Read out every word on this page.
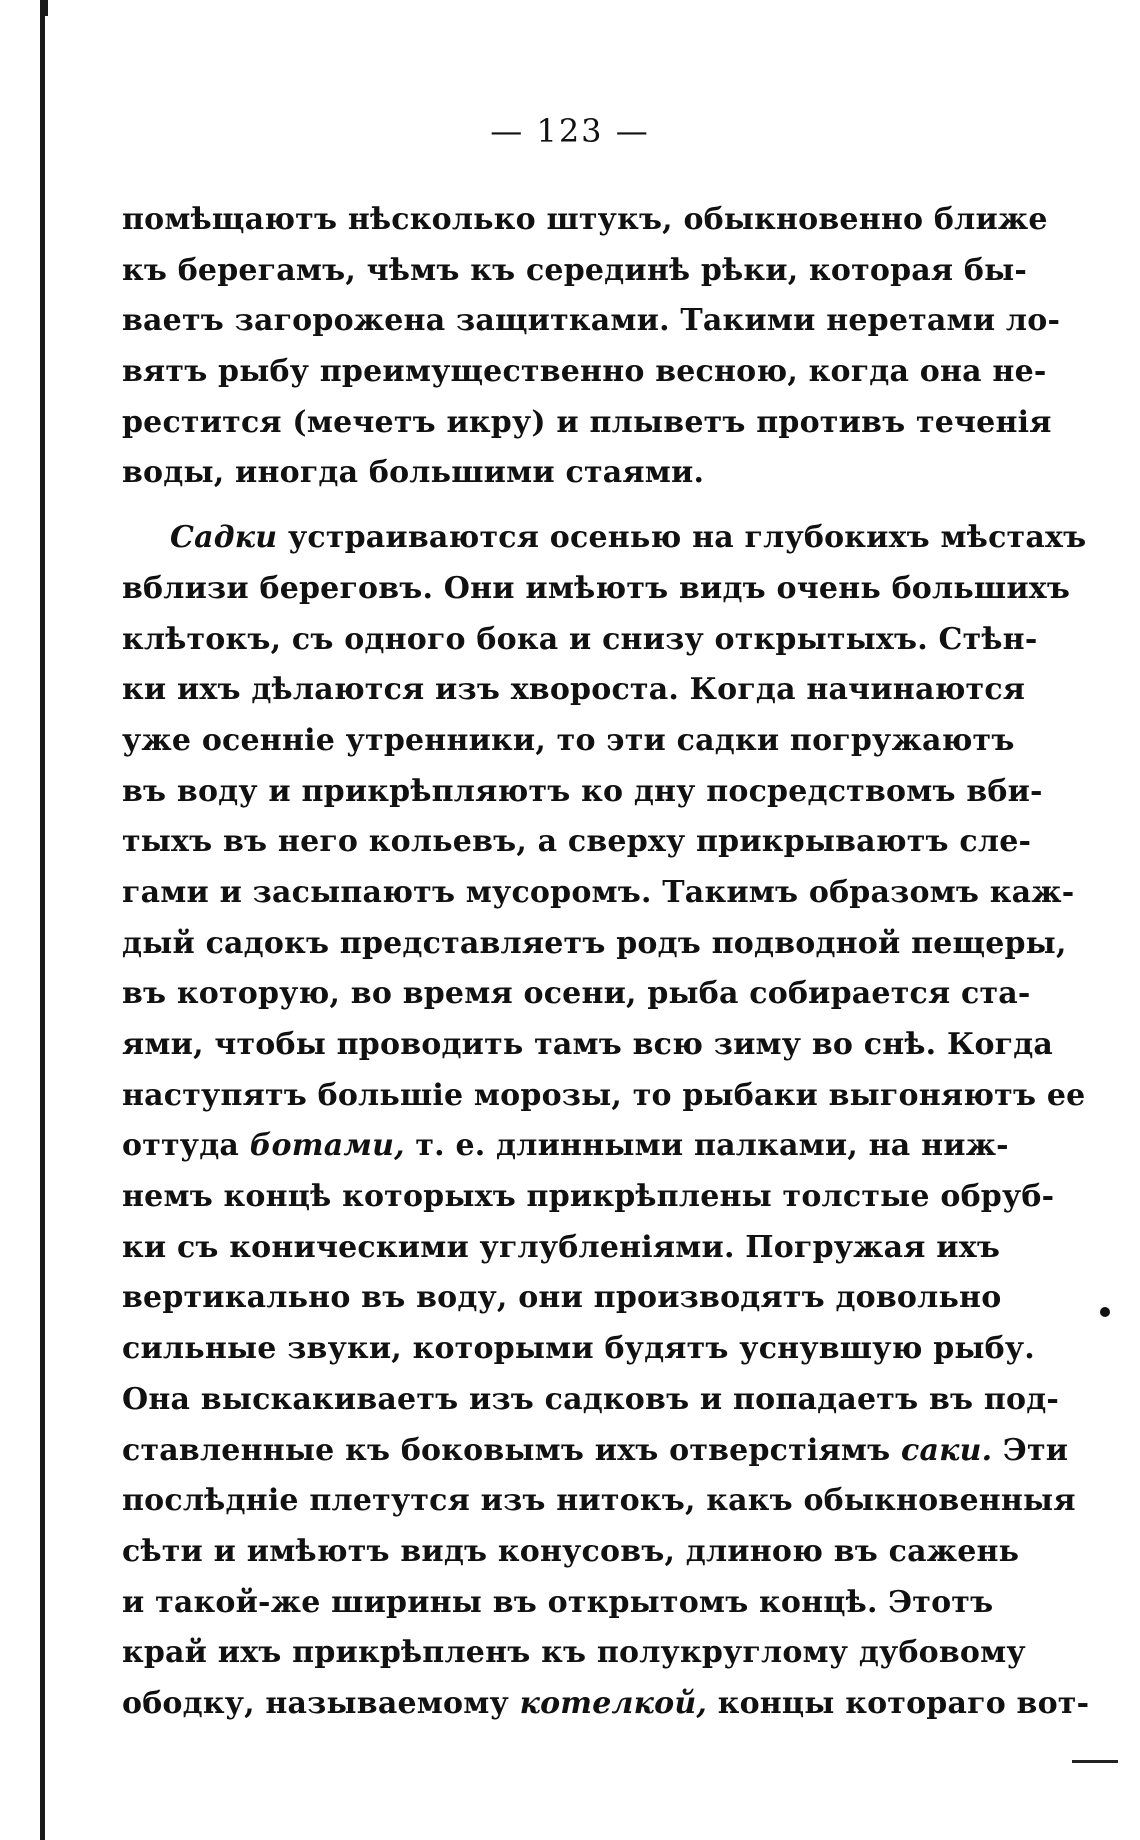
— 123 —
помѣщаютъ нѣсколько штукъ, обыкновенно ближе
къ берегамъ, чѣмъ къ серединѣ рѣки, которая бы-
ваетъ загорожена защитками. Такими неретами ло-
вятъ рыбу преимущественно весною, когда она не-
рестится (мечетъ икру) и плыветъ противъ теченія
воды, иногда большими стаями.
Садки устраиваются осенью на глубокихъ мѣстахъ
вблизи береговъ. Они имѣютъ видъ очень большихъ
клѣтокъ, съ одного бока и снизу открытыхъ. Стѣн-
ки ихъ дѣлаются изъ хвороста. Когда начинаются
уже осенніе утренники, то эти садки погружаютъ
въ воду и прикрѣпляютъ ко дну посредствомъ вби-
тыхъ въ него кольевъ, а сверху прикрываютъ сле-
гами и засыпаютъ мусоромъ. Такимъ образомъ каж-
дый садокъ представляетъ родъ подводной пещеры,
въ которую, во время осени, рыба собирается ста-
ями, чтобы проводить тамъ всю зиму во снѣ. Когда
наступятъ большіе морозы, то рыбаки выгоняютъ ее
оттуда ботами, т. е. длинными палками, на ниж-
немъ концѣ которыхъ прикрѣплены толстые обруб-
ки съ коническими углубленіями. Погружая ихъ
вертикально въ воду, они производятъ довольно
сильные звуки, которыми будятъ уснувшую рыбу.
Она выскакиваетъ изъ садковъ и попадаетъ въ под-
ставленные къ боковымъ ихъ отверстіямъ саки. Эти
послѣдніе плетутся изъ нитокъ, какъ обыкновенныя
сѣти и имѣютъ видъ конусовъ, длиною въ сажень
и такой-же ширины въ открытомъ концѣ. Этотъ
край ихъ прикрѣпленъ къ полукруглому дубовому
ободку, называемому котелкой, концы котораго вот-
